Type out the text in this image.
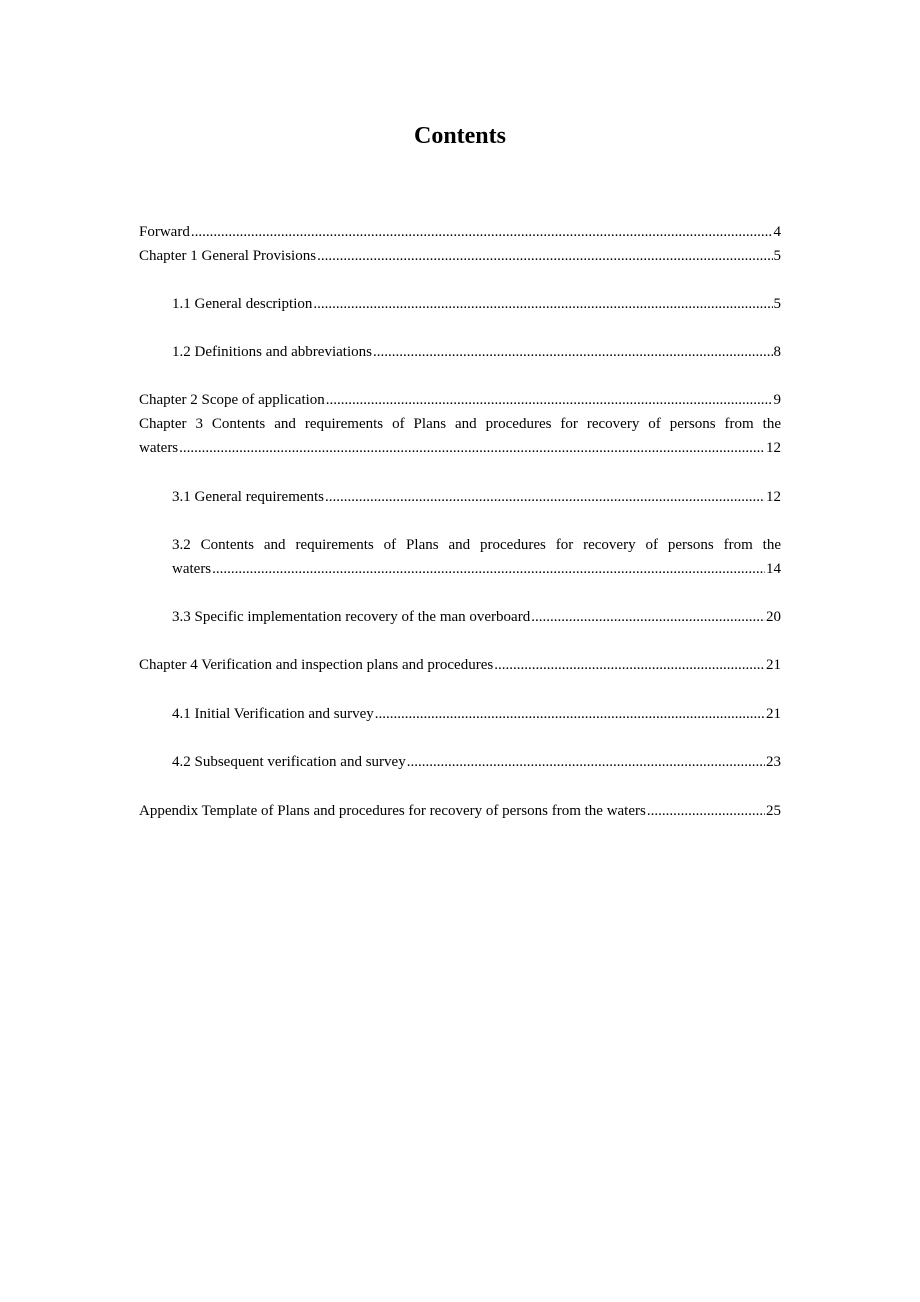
Contents
Forward .....	4
Chapter 1 General Provisions .....	5
1.1 General description .....	5
1.2 Definitions and abbreviations .....	8
Chapter 2 Scope of application .....	9
Chapter 3 Contents and requirements of Plans and procedures for recovery of persons from the
waters .....	12
3.1 General requirements .....	12
3.2 Contents and requirements of Plans and procedures for recovery of persons from the
waters .....	14
3.3 Specific implementation recovery of the man overboard .....	20
Chapter 4 Verification and inspection plans and procedures .....	21
4.1 Initial Verification and survey .....	21
4.2 Subsequent verification and survey .....	23
Appendix Template of Plans and procedures for recovery of persons from the waters .....	25
